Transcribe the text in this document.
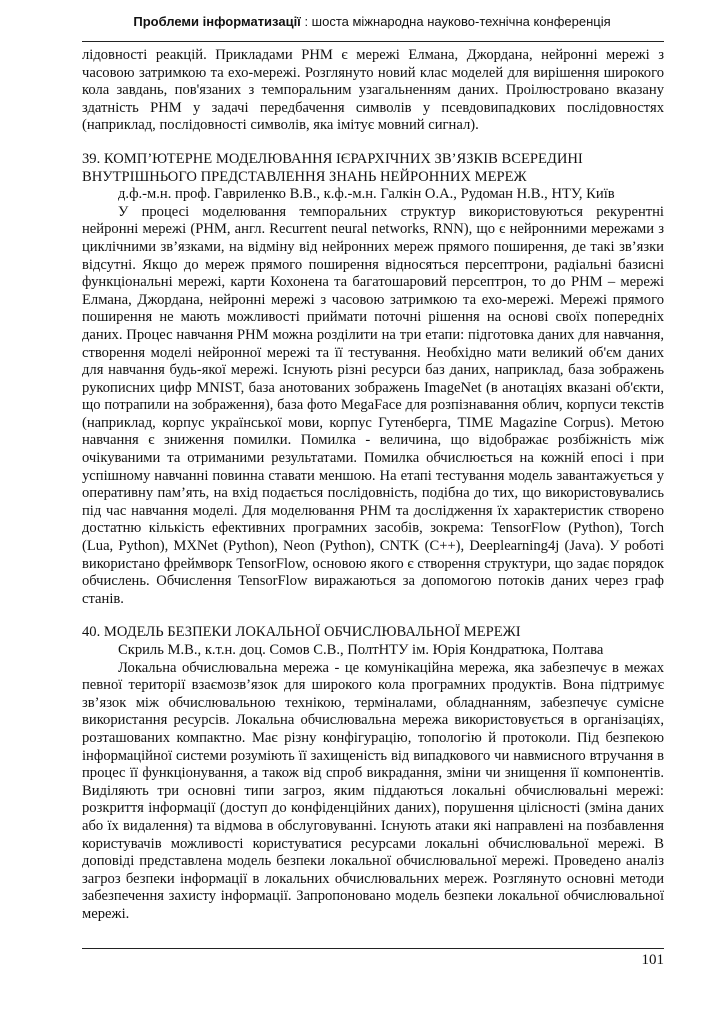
Проблеми інформатизації : шоста міжнародна науково-технічна конференція

лідовності реакцій. Прикладами РНМ є мережі Елмана, Джордана, нейронні мережі з часовою затримкою та ехо-мережі. Розглянуто новий клас моделей для вирішення широкого кола завдань, пов'язаних з темпоральним узагальненням даних. Проілюстровано вказану здатність РНМ у задачі передбачення символів у псевдовипадкових послідовностях (наприклад, послідовності символів, яка імітує мовний сигнал).

39. КОМП’ЮТЕРНЕ МОДЕЛЮВАННЯ ІЄРАРХІЧНИХ ЗВ’ЯЗКІВ ВСЕРЕДИНІ ВНУТРІШНЬОГО ПРЕДСТАВЛЕННЯ ЗНАНЬ НЕЙРОННИХ МЕРЕЖ

д.ф.-м.н. проф. Гавриленко В.В., к.ф.-м.н. Галкін О.А., Рудоман Н.В., НТУ, Київ

У процесі моделювання темпоральних структур використовуються рекурентні нейронні мережі (РНМ, англ. Recurrent neural networks, RNN), що є нейронними мережами з циклічними зв’язками, на відміну від нейронних мереж прямого поширення, де такі зв’язки відсутні. Якщо до мереж прямого поширення відносяться персептрони, радіальні базисні функціональні мережі, карти Кохонена та багатошаровий персептрон, то до РНМ – мережі Елмана, Джордана, нейронні мережі з часовою затримкою та ехо-мережі. Мережі прямого поширення не мають можливості приймати поточні рішення на основі своїх попередніх даних. Процес навчання РНМ можна розділити на три етапи: підготовка даних для навчання, створення моделі нейронної мережі та її тестування. Необхідно мати великий об'єм даних для навчання будь-якої мережі. Існують різні ресурси баз даних, наприклад, база зображень рукописних цифр MNIST, база анотованих зображень ImageNet (в анотаціях вказані об'єкти, що потрапили на зображення), база фото MegaFace для розпізнавання облич, корпуси текстів (наприклад, корпус української мови, корпус Гутенберга, TIME Magazine Corpus). Метою навчання є зниження помилки. Помилка - величина, що відображає розбіжність між очікуваними та отриманими результатами. Помилка обчислюється на кожній епосі і при успішному навчанні повинна ставати меншою. На етапі тестування модель завантажується у оперативну пам’ять, на вхід подається послідовність, подібна до тих, що використовувались під час навчання моделі. Для моделювання РНМ та дослідження їх характеристик створено достатню кількість ефективних програмних засобів, зокрема: TensorFlow (Python), Torch (Lua, Python), MXNet (Python), Neon (Python), CNTK (C++), Deeplearning4j (Java). У роботі використано фреймворк TensorFlow, основою якого є створення структури, що задає порядок обчислень. Обчислення TensorFlow виражаються за допомогою потоків даних через граф станів.

40. МОДЕЛЬ БЕЗПЕКИ ЛОКАЛЬНОЇ ОБЧИСЛЮВАЛЬНОЇ МЕРЕЖІ

Скриль М.В., к.т.н. доц. Сомов С.В., ПолтНТУ ім. Юрія Кондратюка, Полтава

Локальна обчислювальна мережа - це комунікаційна мережа, яка забезпечує в межах певної території взаємозв’язок для широкого кола програмних продуктів. Вона підтримує зв’язок між обчислювальною технікою, терміналами, обладнанням, забезпечує сумісне використання ресурсів. Локальна обчислювальна мережа використовується в організаціях, розташованих компактно. Має різну конфігурацію, топологію й протоколи. Під безпекою інформаційної системи розуміють її захищеність від випадкового чи навмисного втручання в процес її функціонування, а також від спроб викрадання, зміни чи знищення її компонентів. Виділяють три основні типи загроз, яким піддаються локальні обчислювальні мережі: розкриття інформації (доступ до конфіденційних даних), порушення цілісності (зміна даних або їх видалення) та відмова в обслуговуванні. Існують атаки які направлені на позбавлення користувачів можливості користуватися ресурсами локальні обчислювальної мережі. В доповіді представлена модель безпеки локальної обчислювальної мережі. Проведено аналіз загроз безпеки інформації в локальних обчислювальних мереж. Розглянуто основні методи забезпечення захисту інформації. Запропоновано модель безпеки локальної обчислювальної мережі.

101
